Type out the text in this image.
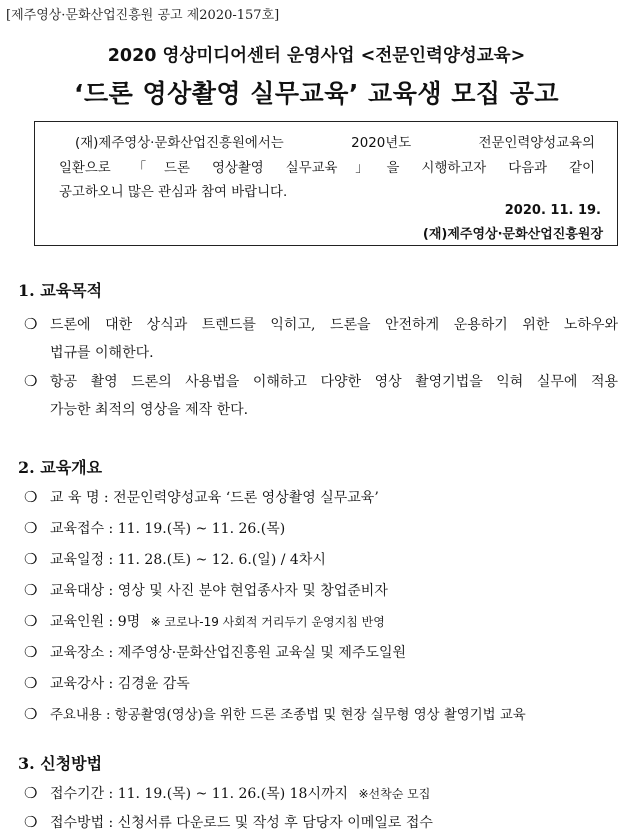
[제주영상·문화산업진흥원 공고 제2020-157호]
2020 영상미디어센터 운영사업 <전문인력양성교육>
‘드론 영상촬영 실무교육’ 교육생 모집 공고
(재)제주영상·문화산업진흥원에서는 2020년도 전문인력양성교육의
일환으로 「드론 영상촬영 실무교육」을 시행하고자 다음과 같이
공고하오니 많은 관심과 참여 바랍니다.
2020. 11. 19.
(재)제주영상·문화산업진흥원장
1. 교육목적
❍ 드론에 대한 상식과 트렌드를 익히고, 드론을 안전하게 운용하기 위한 노하우와
법규를 이해한다.
❍ 항공 촬영 드론의 사용법을 이해하고 다양한 영상 촬영기법을 익혀 실무에 적용
가능한 최적의 영상을 제작 한다.
2. 교육개요
❍ 교 육 명 : 전문인력양성교육 ‘드론 영상촬영 실무교육’
❍ 교육접수 : 11. 19.(목) ~ 11. 26.(목)
❍ 교육일정 : 11. 28.(토) ~ 12. 6.(일) / 4차시
❍ 교육대상 : 영상 및 사진 분야 현업종사자 및 창업준비자
❍ 교육인원 : 9명 ※ 코로나-19 사회적 거리두기 운영지침 반영
❍ 교육장소 : 제주영상·문화산업진흥원 교육실 및 제주도일원
❍ 교육강사 : 김경윤 감독
❍ 주요내용 : 항공촬영(영상)을 위한 드론 조종법 및 현장 실무형 영상 촬영기법 교육
3. 신청방법
❍ 접수기간 : 11. 19.(목) ~ 11. 26.(목) 18시까지 ※선착순 모집
❍ 접수방법 : 신청서류 다운로드 및 작성 후 담당자 이메일로 접수
